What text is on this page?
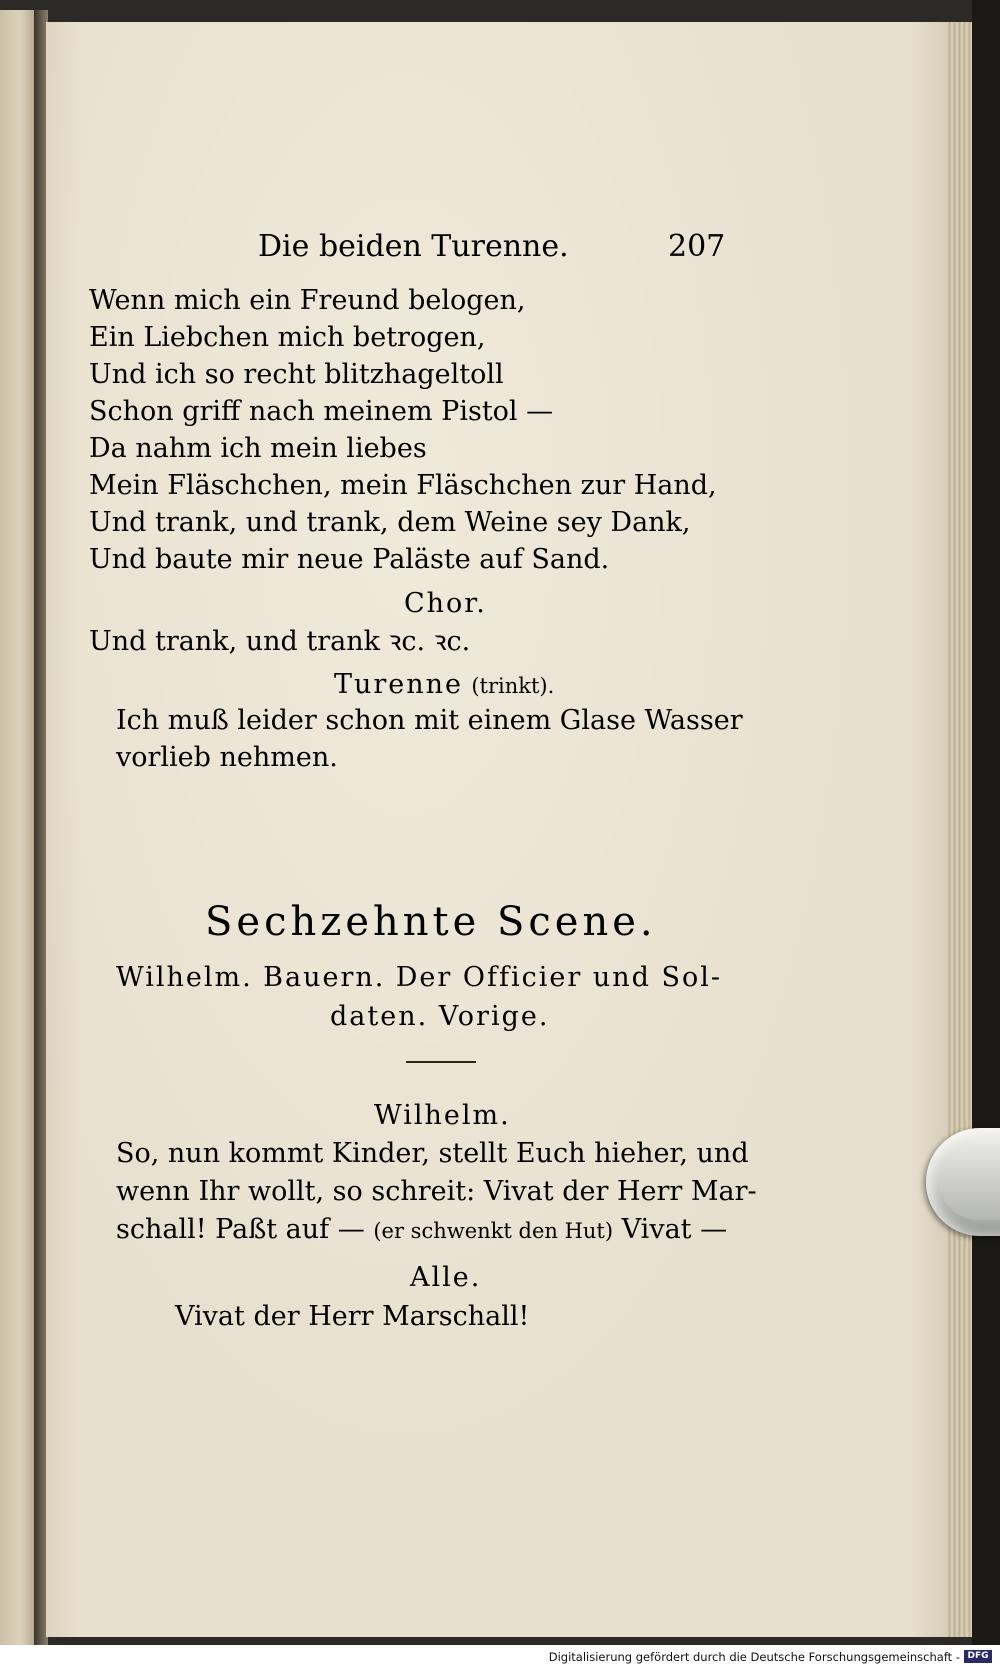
Die beiden Turenne.	207
Wenn mich ein Freund belogen,
Ein Liebchen mich betrogen,
Und ich so recht blitzhageltoll
Schon griff nach meinem Pistol —
Da nahm ich mein liebes
Mein Fläschchen, mein Fläschchen zur Hand,
Und trank, und trank, dem Weine sey Dank,
Und baute mir neue Paläste auf Sand.
Chor.
Und trank, und trank ꝛc. ꝛc.
Turenne (trinkt).
Ich muß leider schon mit einem Glase Wasser
vorlieb nehmen.
Sechzehnte Scene.
Wilhelm. Bauern. Der Officier und Sol-
daten. Vorige.
Wilhelm.
So, nun kommt Kinder, stellt Euch hieher, und
wenn Ihr wollt, so schreit: Vivat der Herr Mar-
schall! Paßt auf — (er schwenkt den Hut) Vivat —
Alle.
Vivat der Herr Marschall!
Digitalisierung gefördert durch die Deutsche Forschungsgemeinschaft - DFG
